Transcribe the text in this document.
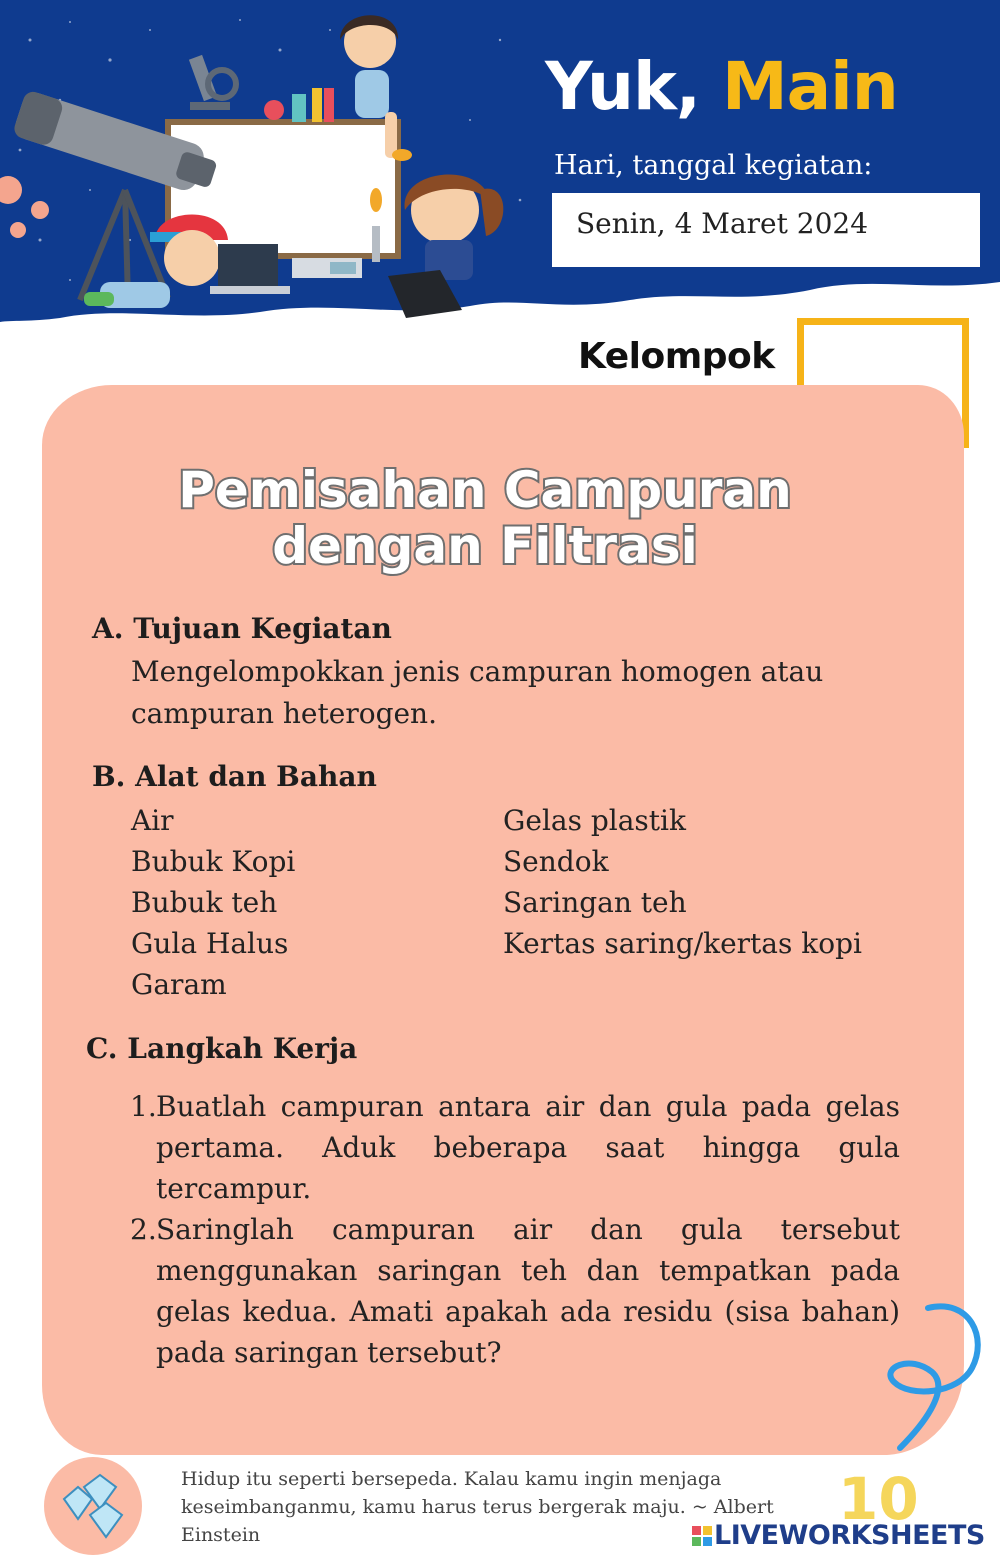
Yuk, Main
Hari, tanggal kegiatan:
Senin, 4 Maret 2024
Kelompok
Pemisahan Campuran
dengan Filtrasi
A. Tujuan Kegiatan
Mengelompokkan jenis campuran homogen atau campuran heterogen.
B. Alat dan Bahan
Air
Bubuk Kopi
Bubuk teh
Gula Halus
Garam
Gelas plastik
Sendok
Saringan teh
Kertas saring/kertas kopi
C. Langkah Kerja
1. Buatlah campuran antara air dan gula pada gelas pertama. Aduk beberapa saat hingga gula tercampur.
2. Saringlah campuran air dan gula tersebut menggunakan saringan teh dan tempatkan pada gelas kedua. Amati apakah ada residu (sisa bahan) pada saringan tersebut?
Hidup itu seperti bersepeda. Kalau kamu ingin menjaga keseimbanganmu, kamu harus terus bergerak maju. ~ Albert Einstein
10
LIVEWORKSHEETS
